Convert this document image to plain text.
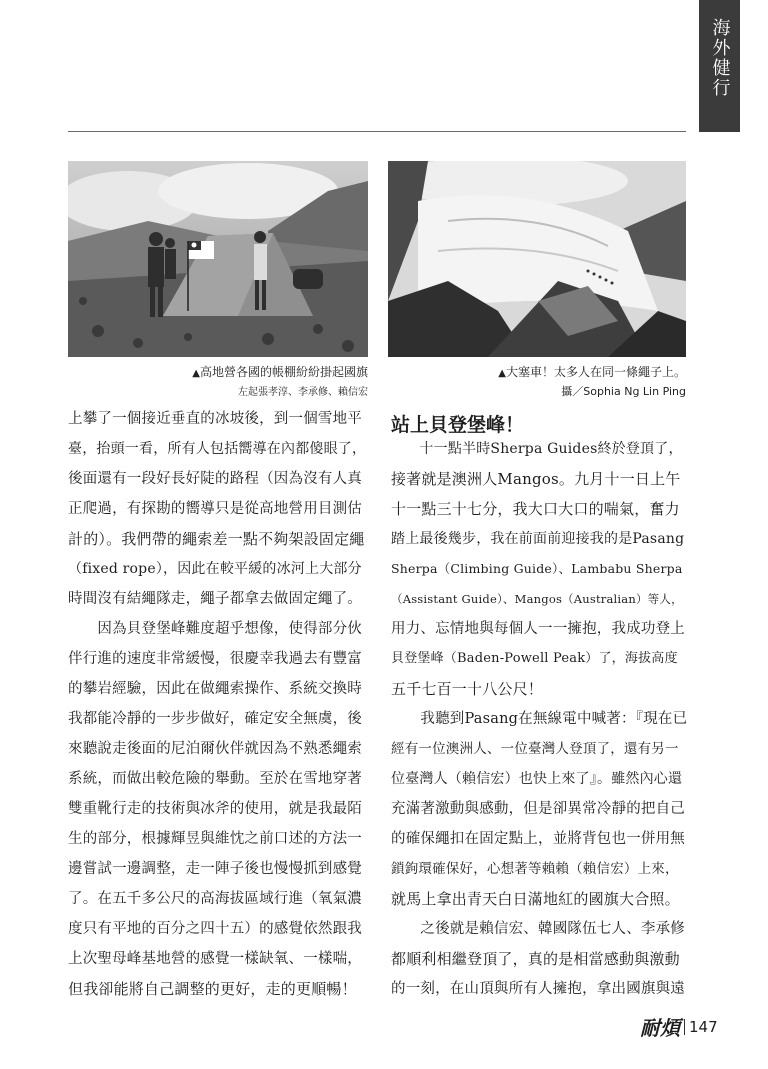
海外健行
▲高地營各國的帳棚紛紛掛起國旗
左起張孝淳、李承修、賴信宏
▲大塞車！太多人在同一條繩子上。
攝／Sophia Ng Lin Ping
上攀了一個接近垂直的冰坡後，到一個雪地平
臺，抬頭一看，所有人包括嚮導在內都傻眼了，
後面還有一段好長好陡的路程（因為沒有人真
正爬過，有探勘的嚮導只是從高地營用目測估
計的）。我們帶的繩索差一點不夠架設固定繩
（fixed rope），因此在較平緩的冰河上大部分
時間沒有結繩隊走，繩子都拿去做固定繩了。
　　因為貝登堡峰難度超乎想像，使得部分伙
伴行進的速度非常緩慢，很慶幸我過去有豐富
的攀岩經驗，因此在做繩索操作、系統交換時
我都能冷靜的一步步做好，確定安全無虞，後
來聽說走後面的尼泊爾伙伴就因為不熟悉繩索
系統，而做出較危險的舉動。至於在雪地穿著
雙重靴行走的技術與冰斧的使用，就是我最陌
生的部分，根據輝昱與維忱之前口述的方法一
邊嘗試一邊調整，走一陣子後也慢慢抓到感覺
了。在五千多公尺的高海拔區域行進（氧氣濃
度只有平地的百分之四十五）的感覺依然跟我
上次聖母峰基地營的感覺一樣缺氧、一樣喘，
但我卻能將自己調整的更好，走的更順暢！
站上貝登堡峰！
　　十一點半時Sherpa Guides終於登頂了，
接著就是澳洲人Mangos。九月十一日上午
十一點三十七分，我大口大口的喘氣，奮力
踏上最後幾步，我在前面前迎接我的是Pasang
Sherpa（Climbing Guide）、Lambabu Sherpa
（Assistant Guide）、Mangos（Australian）等人，
用力、忘情地與每個人一一擁抱，我成功登上
貝登堡峰（Baden-Powell Peak）了，海拔高度
五千七百一十八公尺！
　　我聽到Pasang在無線電中喊著：『現在已
經有一位澳洲人、一位臺灣人登頂了，還有另一
位臺灣人（賴信宏）也快上來了』。雖然內心還
充滿著激動與感動，但是卻異常冷靜的把自己
的確保繩扣在固定點上，並將背包也一併用無
鎖鉤環確保好，心想著等賴賴（賴信宏）上來，
就馬上拿出青天白日滿地紅的國旗大合照。
　　之後就是賴信宏、韓國隊伍七人、李承修
都順利相繼登頂了，真的是相當感動與激動
的一刻，在山頂與所有人擁抱，拿出國旗與遠
耐煩 147
